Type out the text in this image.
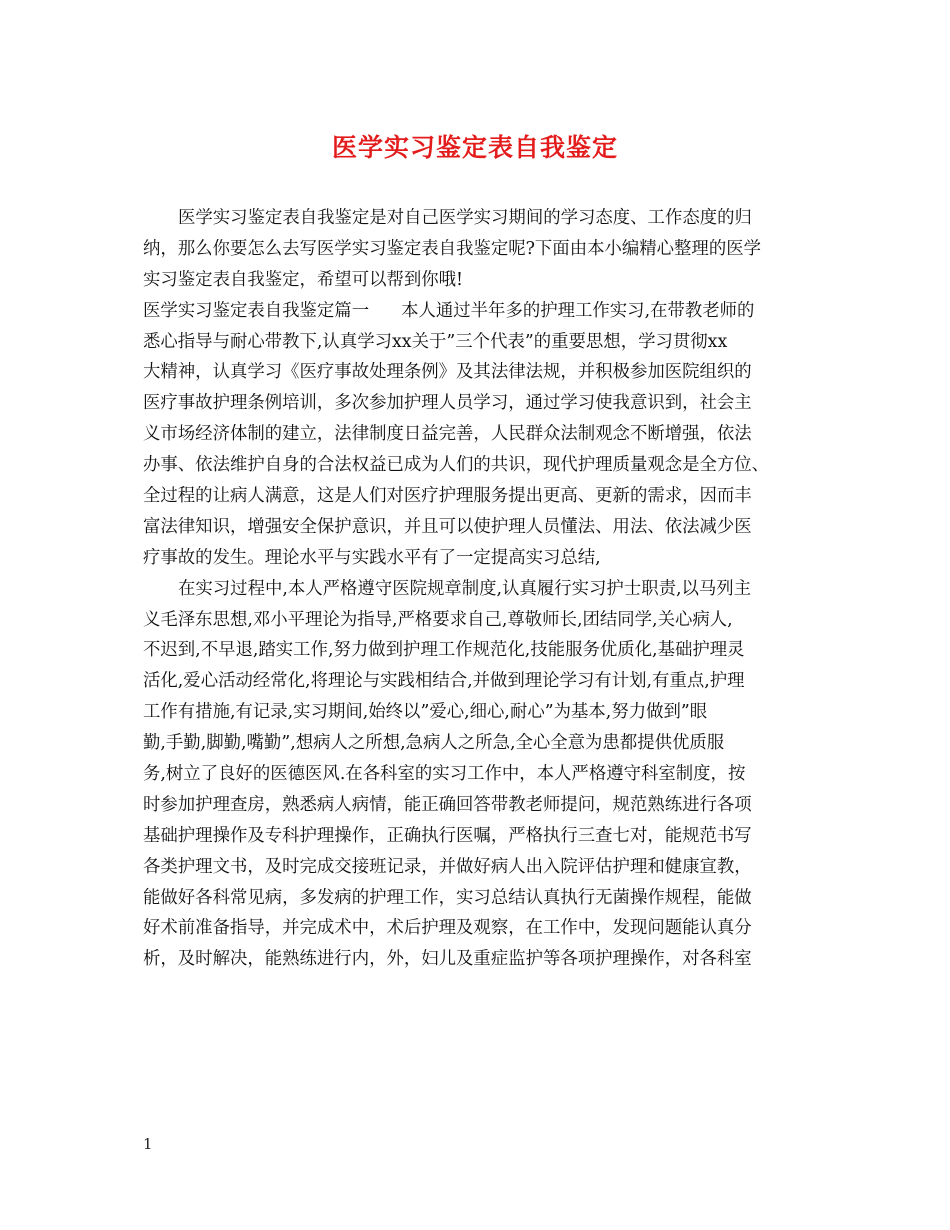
医学实习鉴定表自我鉴定

医学实习鉴定表自我鉴定是对自己医学实习期间的学习态度、工作态度的归
纳，那么你要怎么去写医学实习鉴定表自我鉴定呢?下面由本小编精心整理的医学
实习鉴定表自我鉴定，希望可以帮到你哦!

医学实习鉴定表自我鉴定篇一 本人通过半年多的护理工作实习,在带教老师的
悉心指导与耐心带教下,认真学习xx关于”三个代表”的重要思想，学习贯彻xx
大精神，认真学习《医疗事故处理条例》及其法律法规，并积极参加医院组织的
医疗事故护理条例培训，多次参加护理人员学习，通过学习使我意识到，社会主
义市场经济体制的建立，法律制度日益完善，人民群众法制观念不断增强，依法
办事、依法维护自身的合法权益已成为人们的共识，现代护理质量观念是全方位、
全过程的让病人满意，这是人们对医疗护理服务提出更高、更新的需求，因而丰
富法律知识，增强安全保护意识，并且可以使护理人员懂法、用法、依法减少医
疗事故的发生。理论水平与实践水平有了一定提高实习总结,

在实习过程中,本人严格遵守医院规章制度,认真履行实习护士职责,以马列主
义毛泽东思想,邓小平理论为指导,严格要求自己,尊敬师长,团结同学,关心病人,
不迟到,不早退,踏实工作,努力做到护理工作规范化,技能服务优质化,基础护理灵
活化,爱心活动经常化,将理论与实践相结合,并做到理论学习有计划,有重点,护理
工作有措施,有记录,实习期间,始终以”爱心,细心,耐心”为基本,努力做到”眼
勤,手勤,脚勤,嘴勤”,想病人之所想,急病人之所急,全心全意为患都提供优质服
务,树立了良好的医德医风.在各科室的实习工作中，本人严格遵守科室制度，按
时参加护理查房，熟悉病人病情，能正确回答带教老师提问，规范熟练进行各项
基础护理操作及专科护理操作，正确执行医嘱，严格执行三查七对，能规范书写
各类护理文书，及时完成交接班记录，并做好病人出入院评估护理和健康宣教，
能做好各科常见病，多发病的护理工作，实习总结认真执行无菌操作规程，能做
好术前准备指导，并完成术中，术后护理及观察，在工作中，发现问题能认真分
析，及时解决，能熟练进行内，外，妇儿及重症监护等各项护理操作，对各科室

1
